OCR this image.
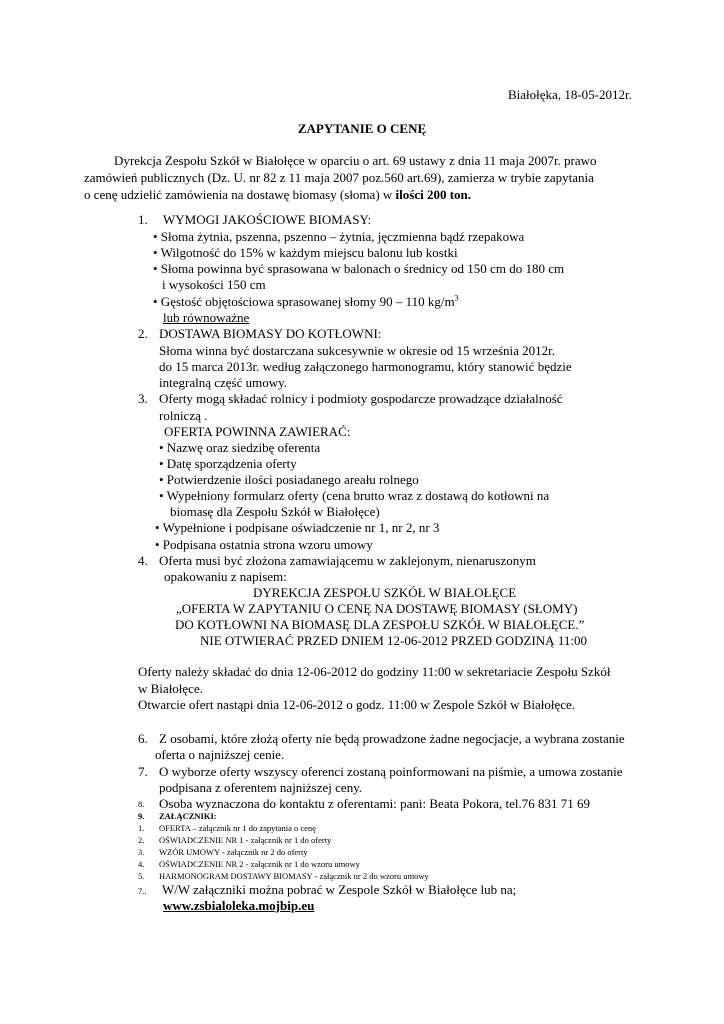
Białołęka, 18-05-2012r.
ZAPYTANIE O CENĘ
Dyrekcja Zespołu Szkół w Białołęce w oparciu o art. 69 ustawy z dnia 11 maja 2007r. prawo
zamówień publicznych (Dz. U. nr 82 z 11 maja 2007 poz.560 art.69), zamierza w trybie zapytania
o cenę udzielić zamówienia na dostawę biomasy (słoma) w ilości 200 ton.
1. WYMOGI JAKOŚCIOWE BIOMASY:
• Słoma żytnia, pszenna, pszenno – żytnia, jęczmienna bądź rzepakowa
• Wilgotność do 15% w każdym miejscu balonu lub kostki
• Słoma powinna być sprasowana w balonach o średnicy od 150 cm do 180 cm
i wysokości 150 cm
• Gęstość objętościowa sprasowanej słomy 90 – 110 $kg/m^3$
lub równoważne
2. DOSTAWA BIOMASY DO KOTŁOWNI:
Słoma winna być dostarczana sukcesywnie w okresie od 15 września 2012r.
do 15 marca 2013r. według załączonego harmonogramu, który stanowić będzie
integralną część umowy.
3. Oferty mogą składać rolnicy i podmioty gospodarcze prowadzące działalność
rolniczą .
OFERTA POWINNA ZAWIERAĆ:
• Nazwę oraz siedzibę oferenta
• Datę sporządzenia oferty
• Potwierdzenie ilości posiadanego areału rolnego
• Wypełniony formularz oferty (cena brutto wraz z dostawą do kotłowni na
biomasę dla Zespołu Szkół w Białołęce)
• Wypełnione i podpisane oświadczenie nr 1, nr 2, nr 3
• Podpisana ostatnia strona wzoru umowy
4. Oferta musi być złożona zamawiającemu w zaklejonym, nienaruszonym
opakowaniu z napisem:
DYREKCJA ZESPOŁU SZKÓŁ W BIAŁOŁĘCE
„OFERTA W ZAPYTANIU O CENĘ NA DOSTAWĘ BIOMASY (SŁOMY)
DO KOTŁOWNI NA BIOMASĘ DLA ZESPOŁU SZKÓŁ W BIAŁOŁĘCE.”
NIE OTWIERAĆ PRZED DNIEM 12-06-2012 PRZED GODZINĄ 11:00
Oferty należy składać do dnia 12-06-2012 do godziny 11:00 w sekretariacie Zespołu Szkół
w Białołęce.
Otwarcie ofert nastąpi dnia 12-06-2012 o godz. 11:00 w Zespole Szkół w Białołęce.
6. Z osobami, które złożą oferty nie będą prowadzone żadne negocjacje, a wybrana zostanie
oferta o najniższej cenie.
7. O wyborze oferty wszyscy oferenci zostaną poinformowani na piśmie, a umowa zostanie
podpisana z oferentem najniższej ceny.
8. Osoba wyznaczona do kontaktu z oferentami: pani: Beata Pokora, tel.76 831 71 69
9. ZAŁĄCZNIKI:
1. OFERTA – załącznik nr 1 do zapytania o cenę
2. OŚWIADCZENIE NR 1 - załącznik nr 1 do oferty
3. WZÓR UMOWY - załącznik nr 2 do oferty
4. OŚWIADCZENIE NR 2 - załącznik nr 1 do wzoru umowy
5. HARMONOGRAM DOSTAWY BIOMASY - załącznik nr 2 do wzoru umowy
7.. W/W załączniki można pobrać w Zespole Szkół w Białołęce lub na;
www.zsbialoleka.mojbip.eu
